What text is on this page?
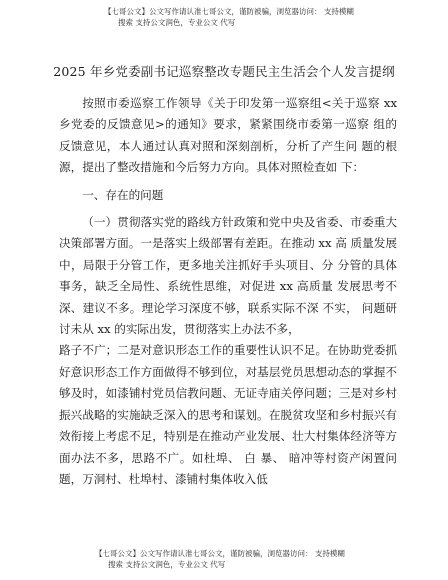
【七哥公文】公文写作请认准七哥公文，谨防被骗，浏览器访问： 支持模糊
搜索 支持公文润色，专业公文 代写
2025 年乡党委副书记巡察整改专题民主生活会个人发言提纲

按照市委巡察工作领导《关于印发第一巡察组<关于巡察 xx 乡党委的反馈意见>的通知》要求，紧紧围绕市委第一巡察 组的反馈意见，本人通过认真对照和深刻剖析，分析了产生问 题的根源，提出了整改措施和今后努力方向。具体对照检查如 下：

一、存在的问题

（一）贯彻落实党的路线方针政策和党中央及省委、市委重大决策部署方面。一是落实上级部署有差距。在推动 xx 高 质量发展中，局限于分管工作，更多地关注抓好手头项目、分 分管的具体事务，缺乏全局性、系统性思维，对促进 xx 高质量 发展思考不深、建议不多。理论学习深度不够，联系实际不深 不实， 问题研讨未从 xx 的实际出发，贯彻落实上办法不多，

路子不广；二是对意识形态工作的重要性认识不足。在协助党委抓好意识形态工作方面做得不够到位，对基层党员思想动态的掌握不够及时，如漆铺村党员信教问题、无证寺庙关停问题；三是对乡村振兴战略的实施缺乏深入的思考和谋划。在脱贫攻坚和乡村振兴有效衔接上考虑不足，特别是在推动产业发展、壮大村集体经济等方面办法不多，思路不广。如杜埠、 白 暴、 暗冲等村资产闲置问题，万洞村、杜埠村、漆铺村集体收入低

【七哥公文】公文写作请认准七哥公文，谨防被骗，浏览器访问： 支持模糊
搜索 支持公文润色，专业公文 代写
